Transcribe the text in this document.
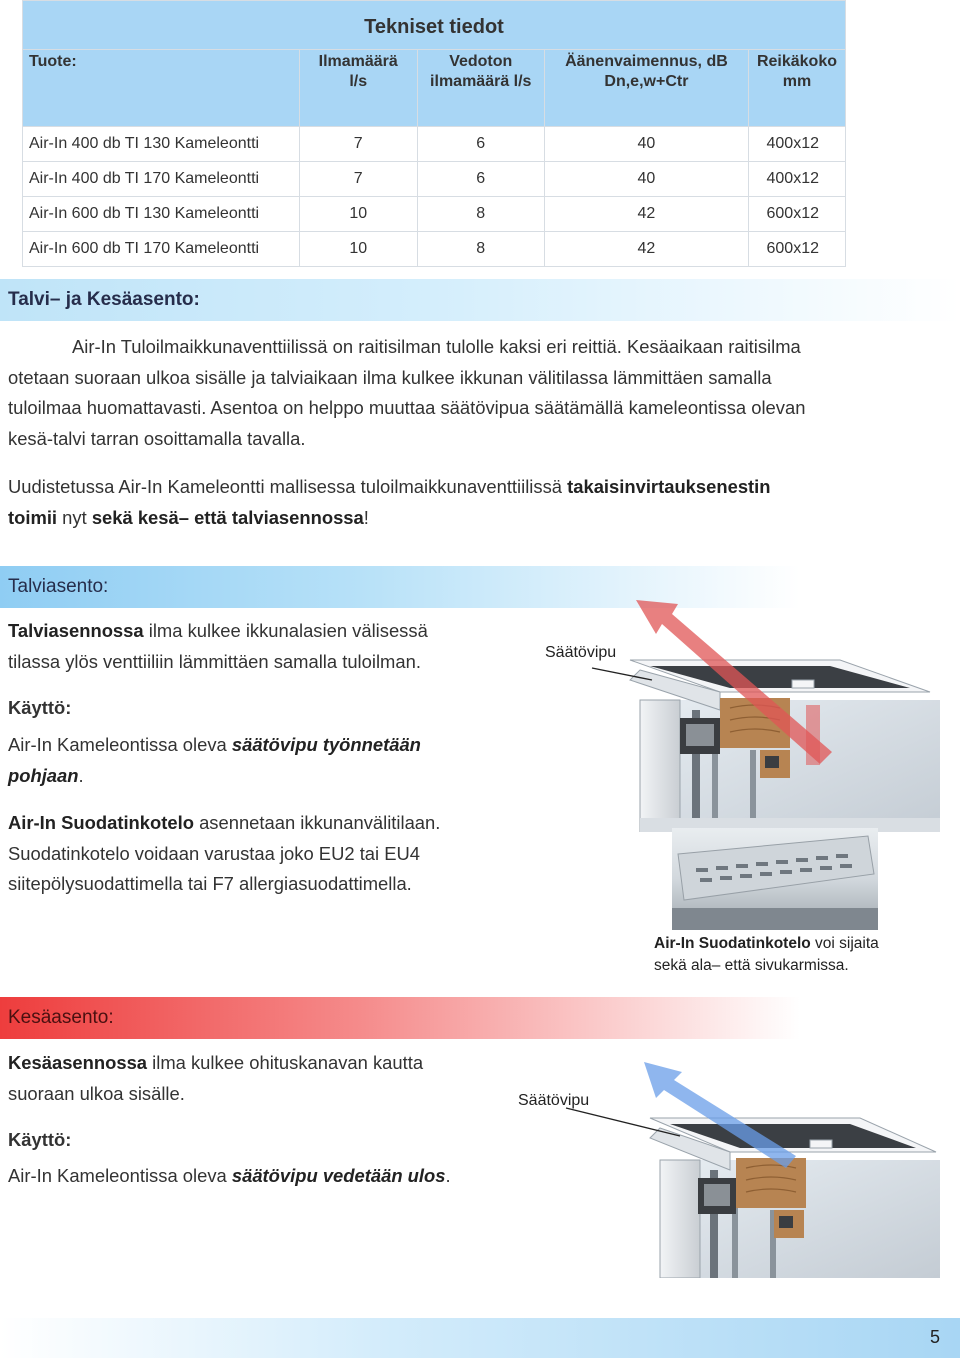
Tekniset tiedot				
Tuote:	Ilmamäärä l/s	Vedoton ilmamäärä l/s	Äänenvaimennus, dB Dn,e,w+Ctr	Reikäkoko mm
Air-In 400 db TI 130 Kameleontti	7	6	40	400x12
Air-In 400 db TI 170 Kameleontti	7	6	40	400x12
Air-In 600 db TI 130 Kameleontti	10	8	42	600x12
Air-In 600 db TI 170 Kameleontti	10	8	42	600x12
Talvi– ja Kesäasento:
Air-In Tuloilmaikkunaventtiilissä on raitisilman tulolle kaksi eri reittiä. Kesäaikaan raitisilma
otetaan suoraan ulkoa sisälle ja talviaikaan ilma kulkee ikkunan välitilassa lämmittäen samalla
tuloilmaa huomattavasti. Asentoa on helppo muuttaa säätövipua säätämällä kameleontissa olevan
kesä-talvi tarran osoittamalla tavalla.
Uudistetussa Air-In Kameleontti mallisessa tuloilmaikkunaventtiilissä takaisinvirtauksenestin
toimii nyt sekä kesä– että talviasennossa!
Talviasento:
Talviasennossa ilma kulkee ikkunalasien välisessä
tilassa ylös venttiiliin lämmittäen samalla tuloilman.
Käyttö:
Air-In Kameleontissa oleva säätövipu työnnetään
pohjaan.
Air-In Suodatinkotelo asennetaan ikkunanvälitilaan.
Suodatinkotelo voidaan varustaa joko EU2 tai EU4
siitepölysuodattimella tai F7 allergiasuodattimella.
Säätövipu
Air-In Suodatinkotelo voi sijaita
sekä ala– että sivukarmissa.
Kesäasento:
Kesäasennossa ilma kulkee ohituskanavan kautta
suoraan ulkoa sisälle.
Käyttö:
Air-In Kameleontissa oleva säätövipu vedetään ulos.
Säätövipu
5
